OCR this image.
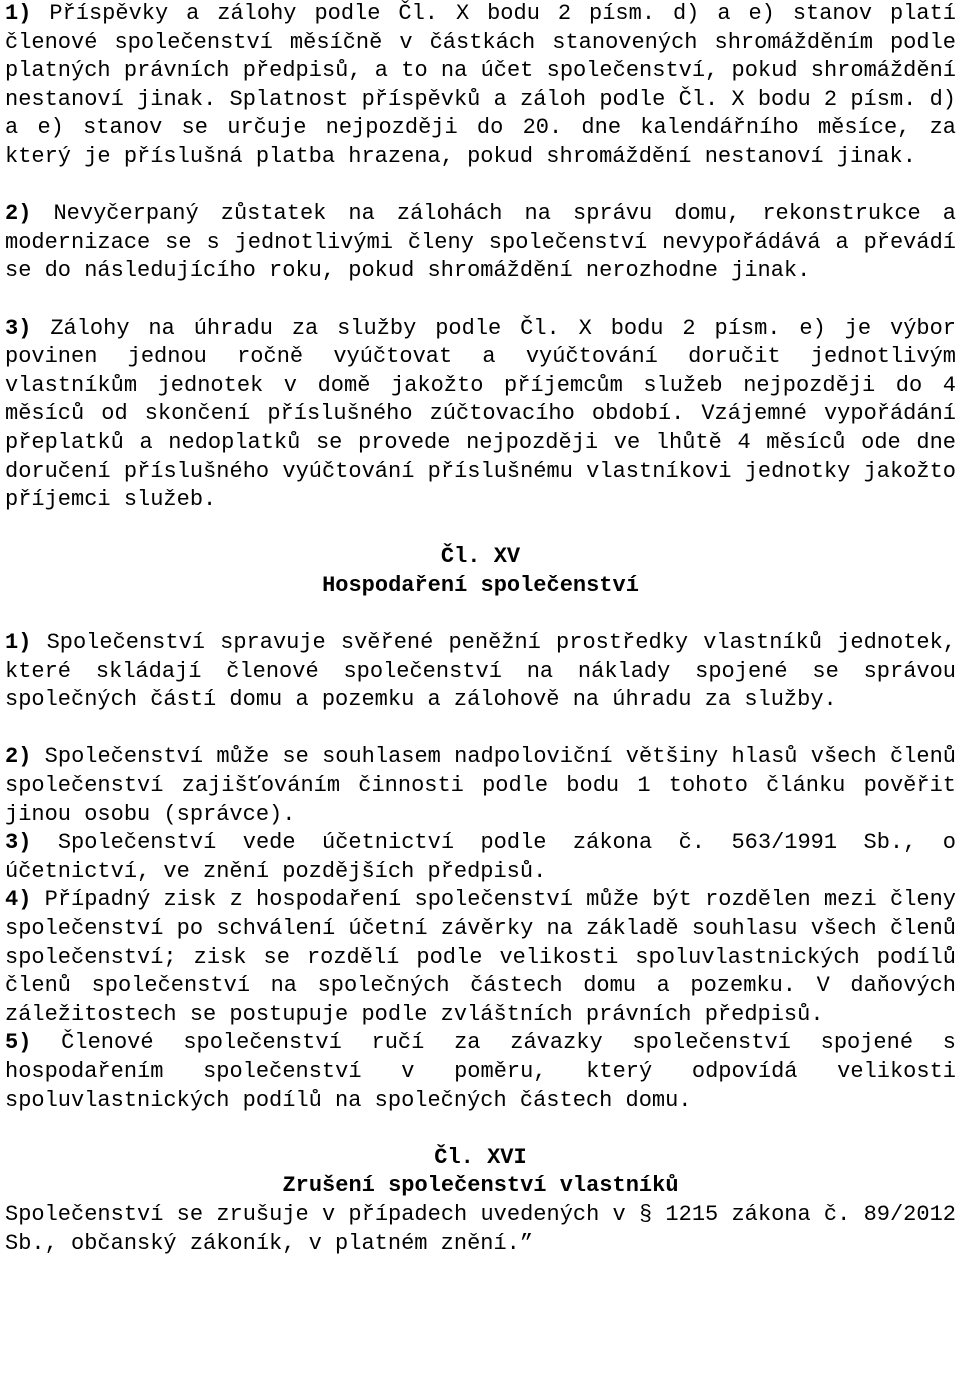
1) Příspěvky a zálohy podle Čl. X bodu 2 písm. d) a e) stanov platí členové společenství měsíčně v částkách stanovených shromážděním podle platných právních předpisů, a to na účet společenství, pokud shromáždění nestanoví jinak. Splatnost příspěvků a záloh podle Čl. X bodu 2 písm. d) a e) stanov se určuje nejpozději do 20. dne kalendářního měsíce, za který je příslušná platba hrazena, pokud shromáždění nestanoví jinak.

2) Nevyčerpaný zůstatek na zálohách na správu domu, rekonstrukce a modernizace se s jednotlivými členy společenství nevypořádává a převádí se do následujícího roku, pokud shromáždění nerozhodne jinak.

3) Zálohy na úhradu za služby podle Čl. X bodu 2 písm. e) je výbor povinen jednou ročně vyúčtovat a vyúčtování doručit jednotlivým vlastníkům jednotek v domě jakožto příjemcům služeb nejpozději do 4 měsíců od skončení příslušného zúčtovacího období. Vzájemné vypořádání přeplatků a nedoplatků se provede nejpozději ve lhůtě 4 měsíců ode dne doručení příslušného vyúčtování příslušnému vlastníkovi jednotky jakožto příjemci služeb.

Čl. XV

Hospodaření společenství

1) Společenství spravuje svěřené peněžní prostředky vlastníků jednotek, které skládají členové společenství na náklady spojené se správou společných částí domu a pozemku a zálohově na úhradu za služby.

2) Společenství může se souhlasem nadpoloviční většiny hlasů všech členů společenství zajišťováním činnosti podle bodu 1 tohoto článku pověřit jinou osobu (správce).

3) Společenství vede účetnictví podle zákona č. 563/1991 Sb., o účetnictví, ve znění pozdějších předpisů.

4) Případný zisk z hospodaření společenství může být rozdělen mezi členy společenství po schválení účetní závěrky na základě souhlasu všech členů společenství; zisk se rozdělí podle velikosti spoluvlastnických podílů členů společenství na společných částech domu a pozemku. V daňových záležitostech se postupuje podle zvláštních právních předpisů.

5) Členové společenství ručí za závazky společenství spojené s hospodařením společenství v poměru, který odpovídá velikosti spoluvlastnických podílů na společných částech domu.

Čl. XVI

Zrušení společenství vlastníků

Společenství se zrušuje v případech uvedených v § 1215 zákona č. 89/2012 Sb., občanský zákoník, v platném znění.”
